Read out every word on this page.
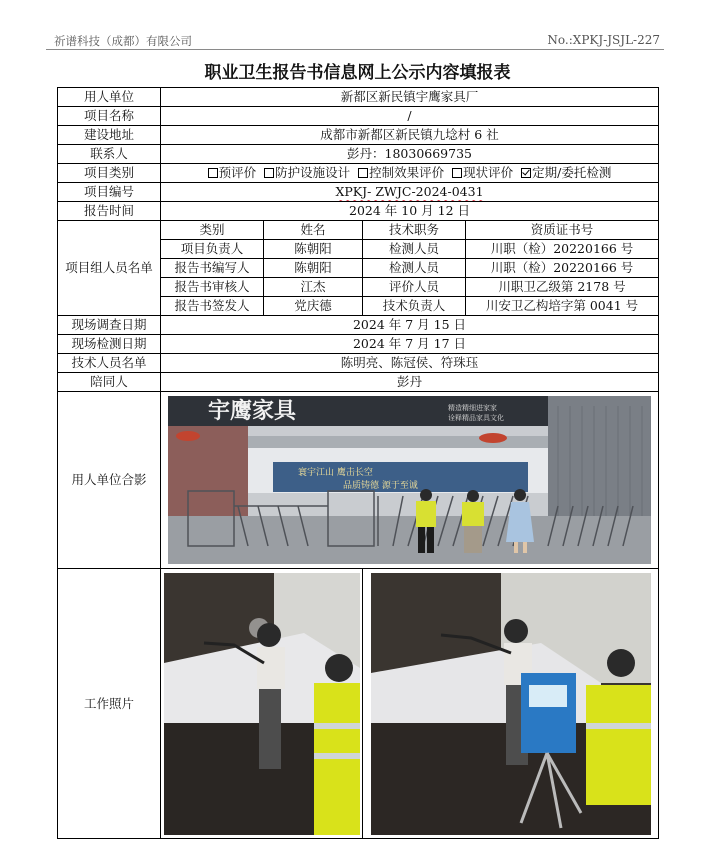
祈谱科技（成都）有限公司	No.:XPKJ-JSJL-227
职业卫生报告书信息网上公示内容填报表
用人单位	新都区新民镇宇鹰家具厂			
项目名称	/			
建设地址	成都市新都区新民镇九埝村 6 社			
联系人	彭丹：18030669735			
项目类别	预评价 防护设施设计 控制效果评价 现状评价 定期/委托检测			
项目编号	XPKJ- ZWJC-2024-0431			
报告时间	2024 年 10 月 12 日			
项目组人员名单	类别	姓名	技术职务	资质证书号
	项目负责人	陈朝阳	检测人员	川职（检）20220166 号
	报告书编写人	陈朝阳	检测人员	川职（检）20220166 号
	报告书审核人	江杰	评价人员	川职卫乙级第 2178 号
	报告书签发人	党庆德	技术负责人	川安卫乙构培字第 0041 号
现场调查日期	2024 年 7 月 15 日			
现场检测日期	2024 年 7 月 17 日			
技术人员名单	陈明亮、陈冠侯、符珠珏			
陪同人	彭丹			
用人单位合影	宇鹰家具 精造精细进家家
诠释精品家具文化
寰宇江山 鹰击长空
品质铸德 源于至诚			

工作照片	
